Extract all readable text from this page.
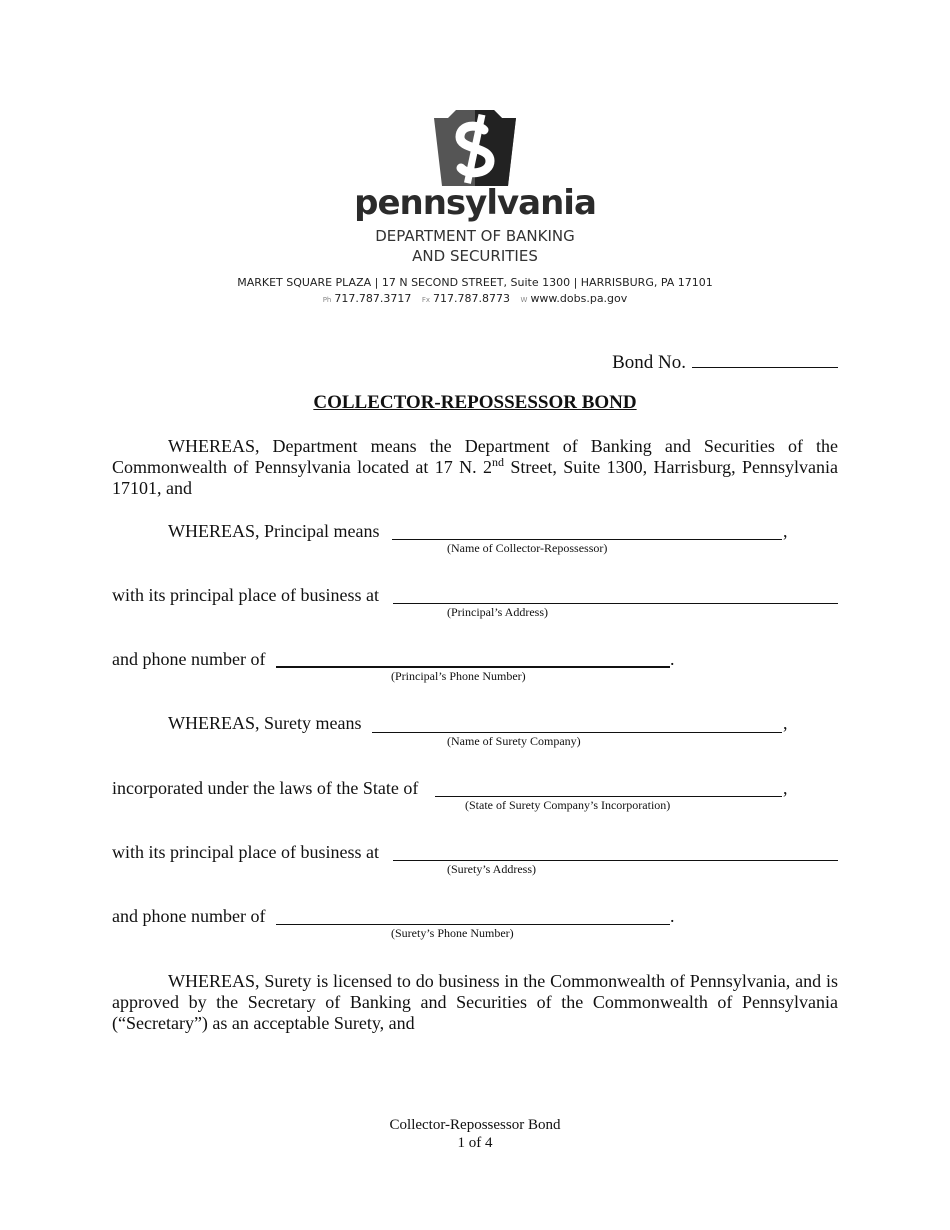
pennsylvania
DEPARTMENT OF BANKING
AND SECURITIES
MARKET SQUARE PLAZA | 17 N SECOND STREET, Suite 1300 | HARRISBURG, PA 17101
Ph 717.787.3717 Fx 717.787.8773 W www.dobs.pa.gov
Bond No.
COLLECTOR-REPOSSESSOR BOND
WHEREAS, Department means the Department of Banking and Securities of the Commonwealth of Pennsylvania located at 17 N. 2nd Street, Suite 1300, Harrisburg, Pennsylvania 17101, and
WHEREAS, Principal means	,
(Name of Collector-Repossessor)
with its principal place of business at
(Principal’s Address)
and phone number of	.
(Principal’s Phone Number)
WHEREAS, Surety means	,
(Name of Surety Company)
incorporated under the laws of the State of	,
(State of Surety Company’s Incorporation)
with its principal place of business at
(Surety’s Address)
and phone number of	.
(Surety’s Phone Number)
WHEREAS, Surety is licensed to do business in the Commonwealth of Pennsylvania, and is approved by the Secretary of Banking and Securities of the Commonwealth of Pennsylvania (“Secretary”) as an acceptable Surety, and
Collector-Repossessor Bond
1 of 4
